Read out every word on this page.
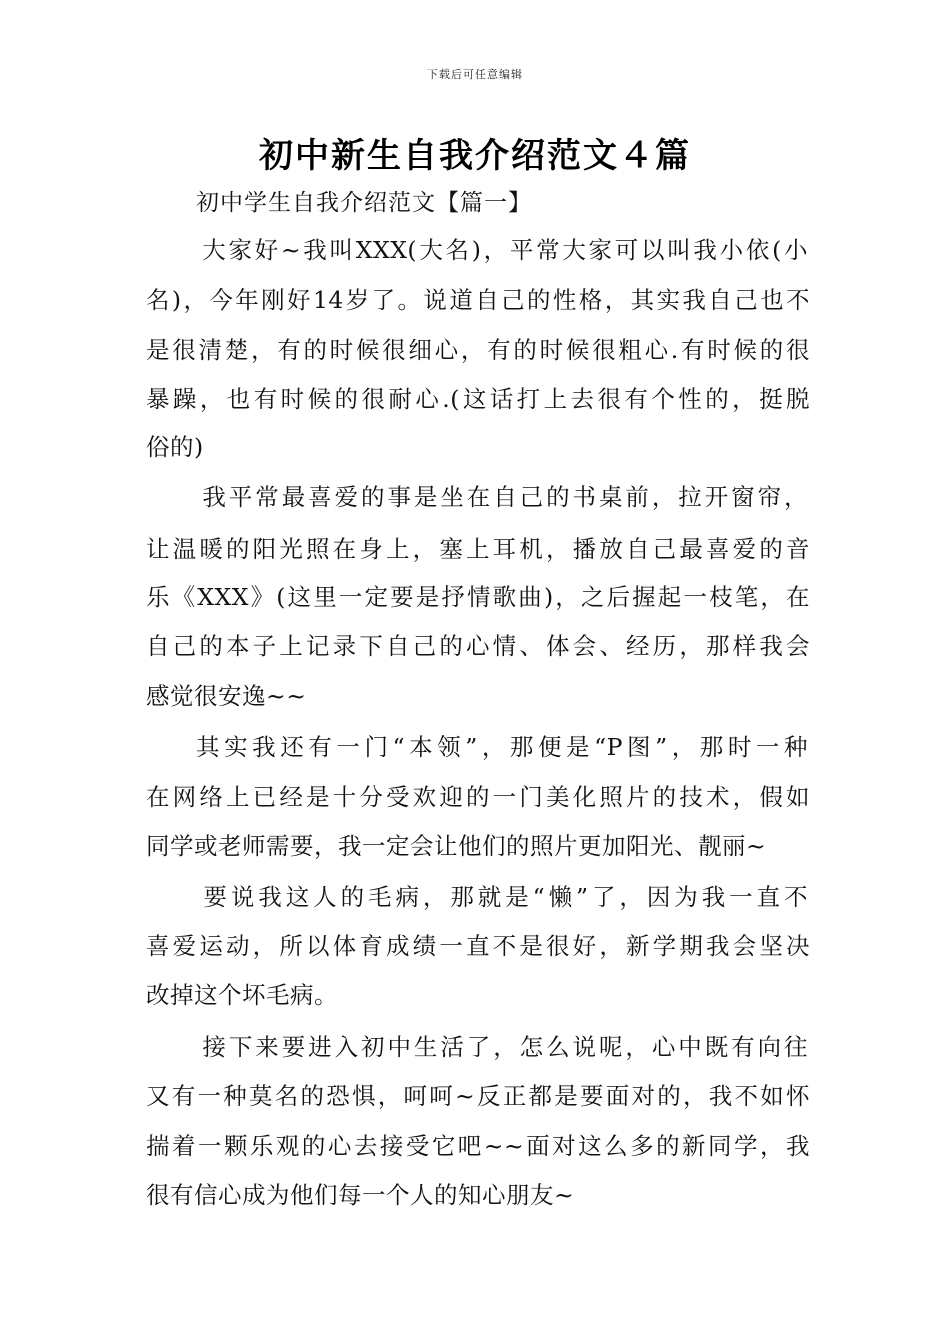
下载后可任意编辑
初中新生自我介绍范文４篇
初中学生自我介绍范文【篇一】
　大家好~我叫XXX(大名)，平常大家可以叫我小依(小
名)，今年刚好14岁了。说道自己的性格，其实我自己也不
是很清楚，有的时候很细心，有的时候很粗心.有时候的很
暴躁，也有时候的很耐心.(这话打上去很有个性的，挺脱
俗的)
　我平常最喜爱的事是坐在自己的书桌前，拉开窗帘，
让温暖的阳光照在身上，塞上耳机，播放自己最喜爱的音
乐《XXX》(这里一定要是抒情歌曲)，之后握起一枝笔，在
自己的本子上记录下自己的心情、体会、经历，那样我会
感觉很安逸~~
其实我还有一门“本领”，那便是“P图”，那时一种
在网络上已经是十分受欢迎的一门美化照片的技术，假如
同学或老师需要，我一定会让他们的照片更加阳光、靓丽~
　要说我这人的毛病，那就是“懒”了，因为我一直不
喜爱运动，所以体育成绩一直不是很好，新学期我会坚决
改掉这个坏毛病。
　接下来要进入初中生活了，怎么说呢，心中既有向往
又有一种莫名的恐惧，呵呵~反正都是要面对的，我不如怀
揣着一颗乐观的心去接受它吧~~面对这么多的新同学，我
很有信心成为他们每一个人的知心朋友~
